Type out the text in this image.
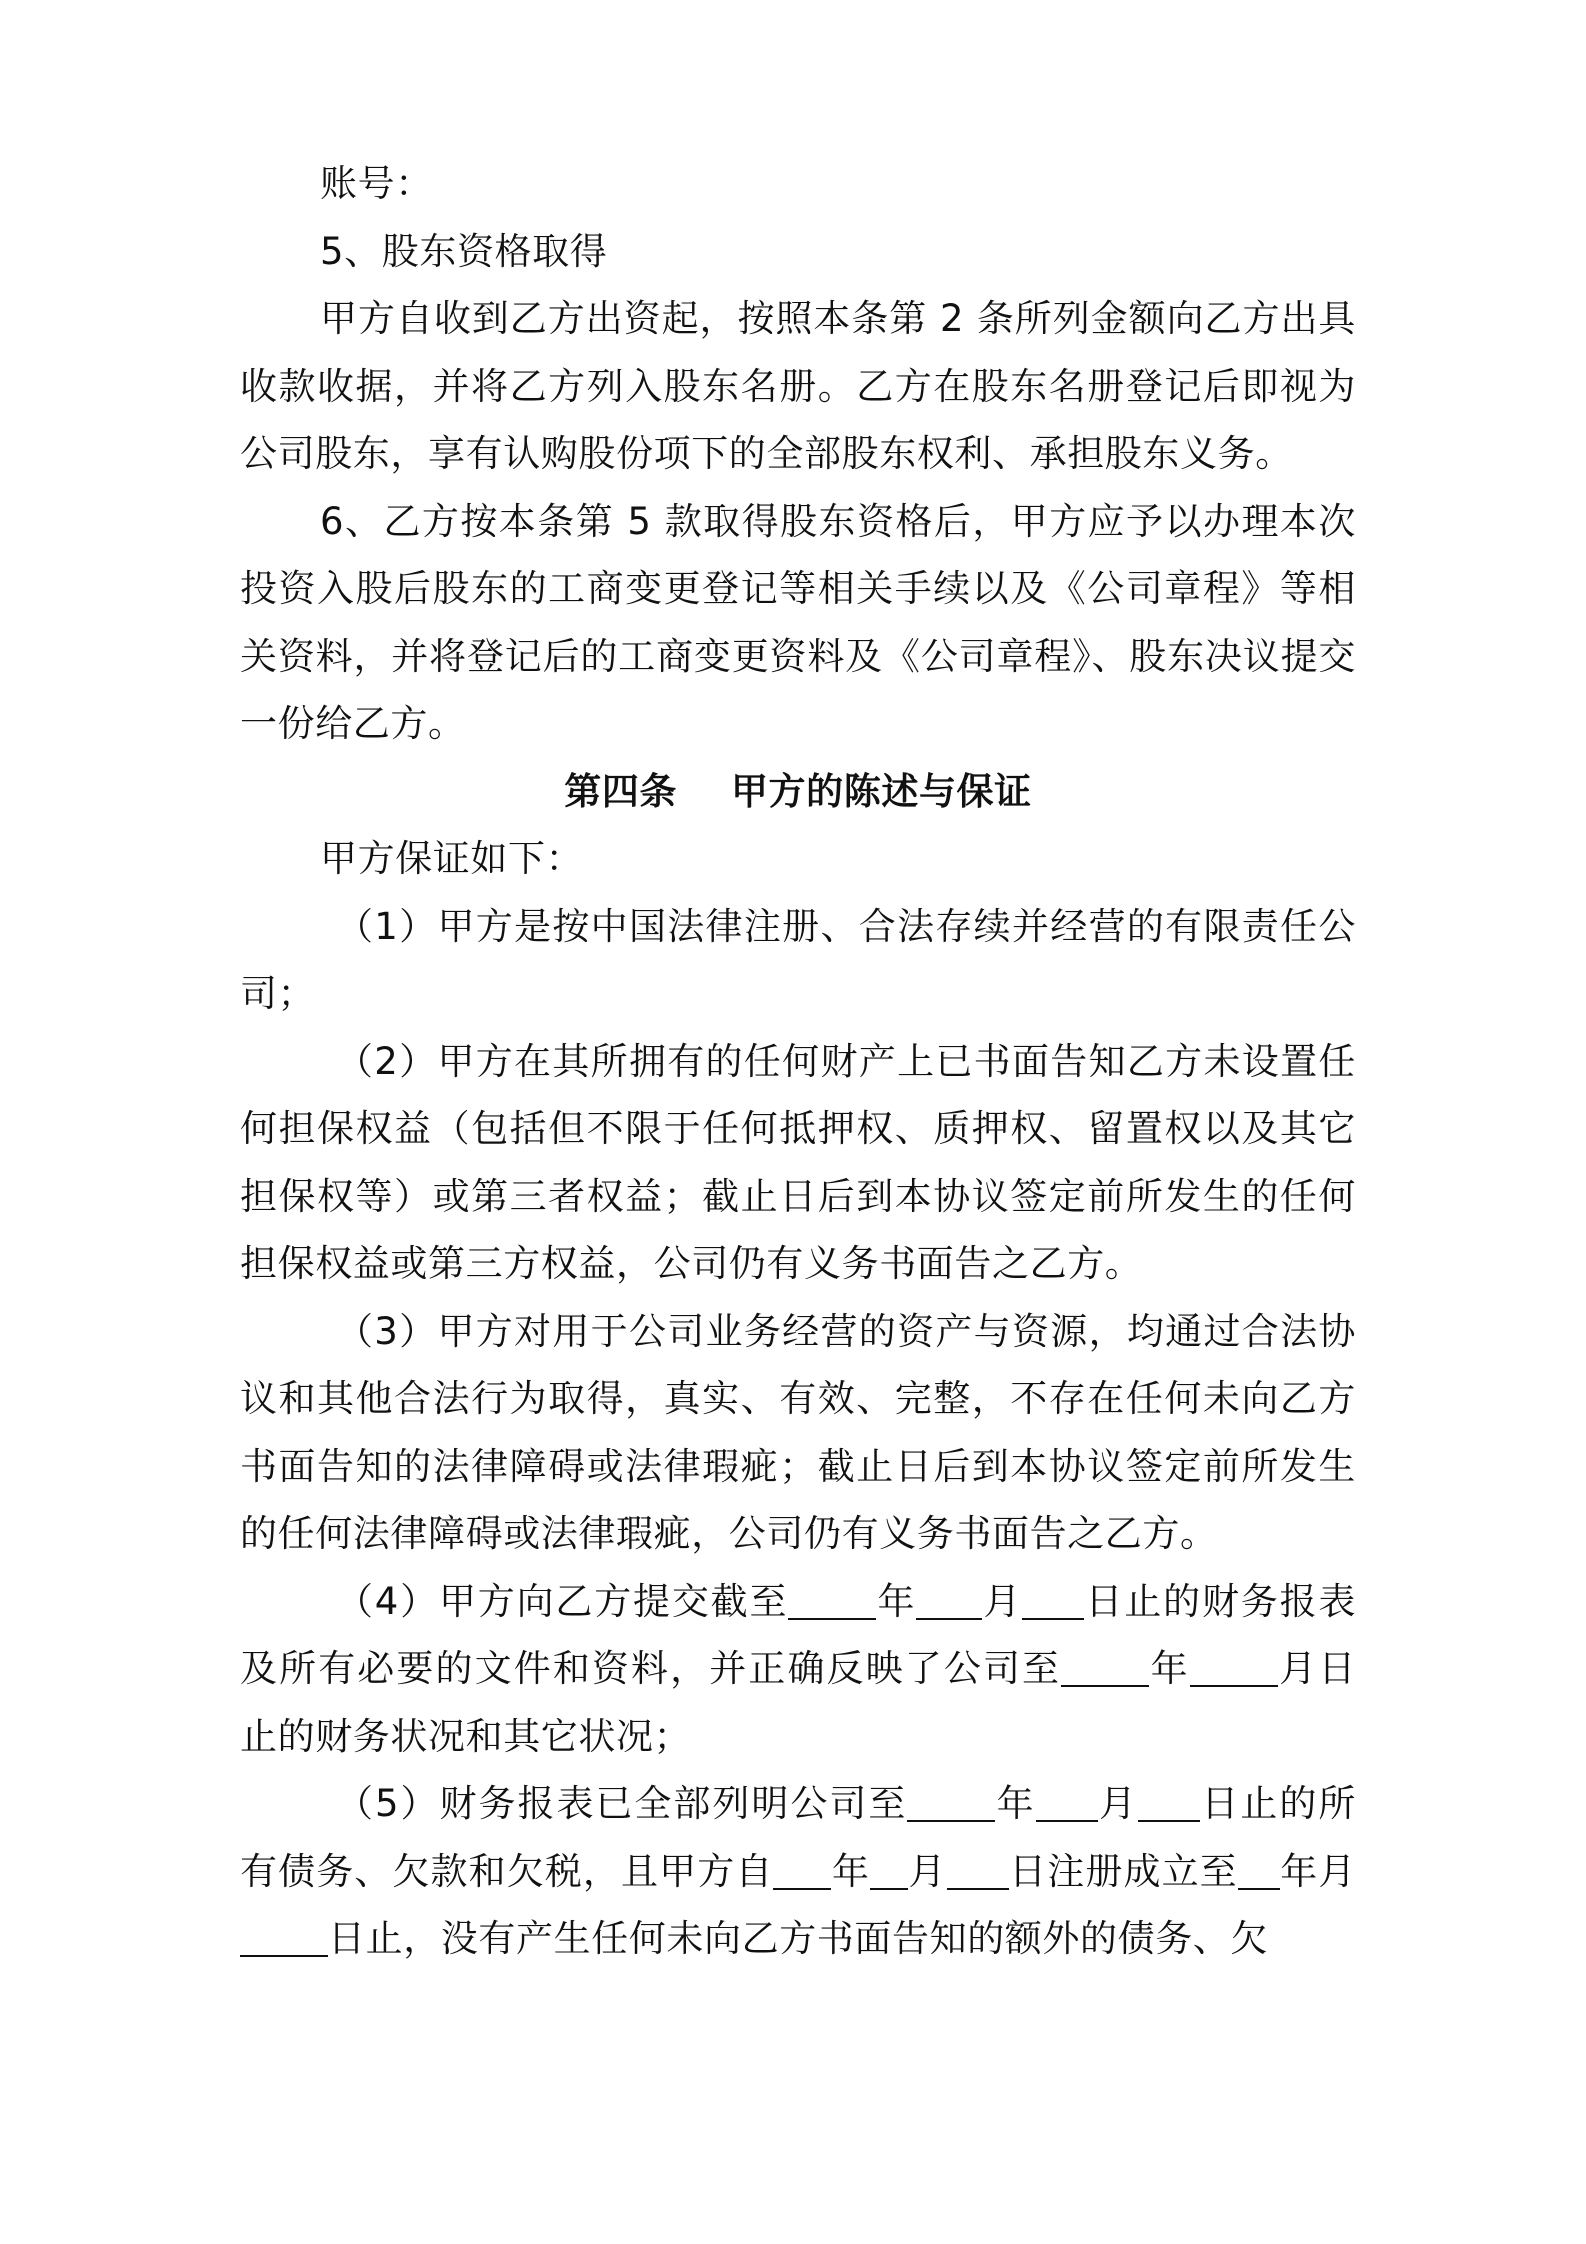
账号：

5、股东资格取得

甲方自收到乙方出资起，按照本条第 2 条所列金额向乙方出具收款收据，并将乙方列入股东名册。乙方在股东名册登记后即视为公司股东，享有认购股份项下的全部股东权利、承担股东义务。

6、乙方按本条第 5 款取得股东资格后，甲方应予以办理本次投资入股后股东的工商变更登记等相关手续以及《公司章程》等相关资料，并将登记后的工商变更资料及《公司章程》、股东决议提交一份给乙方。

第四条    甲方的陈述与保证

甲方保证如下：

（1）甲方是按中国法律注册、合法存续并经营的有限责任公司；

（2）甲方在其所拥有的任何财产上已书面告知乙方未设置任何担保权益（包括但不限于任何抵押权、质押权、留置权以及其它担保权等）或第三者权益；截止日后到本协议签定前所发生的任何担保权益或第三方权益，公司仍有义务书面告之乙方。

（3）甲方对用于公司业务经营的资产与资源，均通过合法协议和其他合法行为取得，真实、有效、完整，不存在任何未向乙方书面告知的法律障碍或法律瑕疵；截止日后到本协议签定前所发生的任何法律障碍或法律瑕疵，公司仍有义务书面告之乙方。

（4）甲方向乙方提交截至 年 月 日止的财务报表及所有必要的文件和资料，并正确反映了公司至 年 月日止的财务状况和其它状况；

（5）财务报表已全部列明公司至 年 月 日止的所有债务、欠款和欠税，且甲方自 年 月 日注册成立至 年月日止，没有产生任何未向乙方书面告知的额外的债务、欠
